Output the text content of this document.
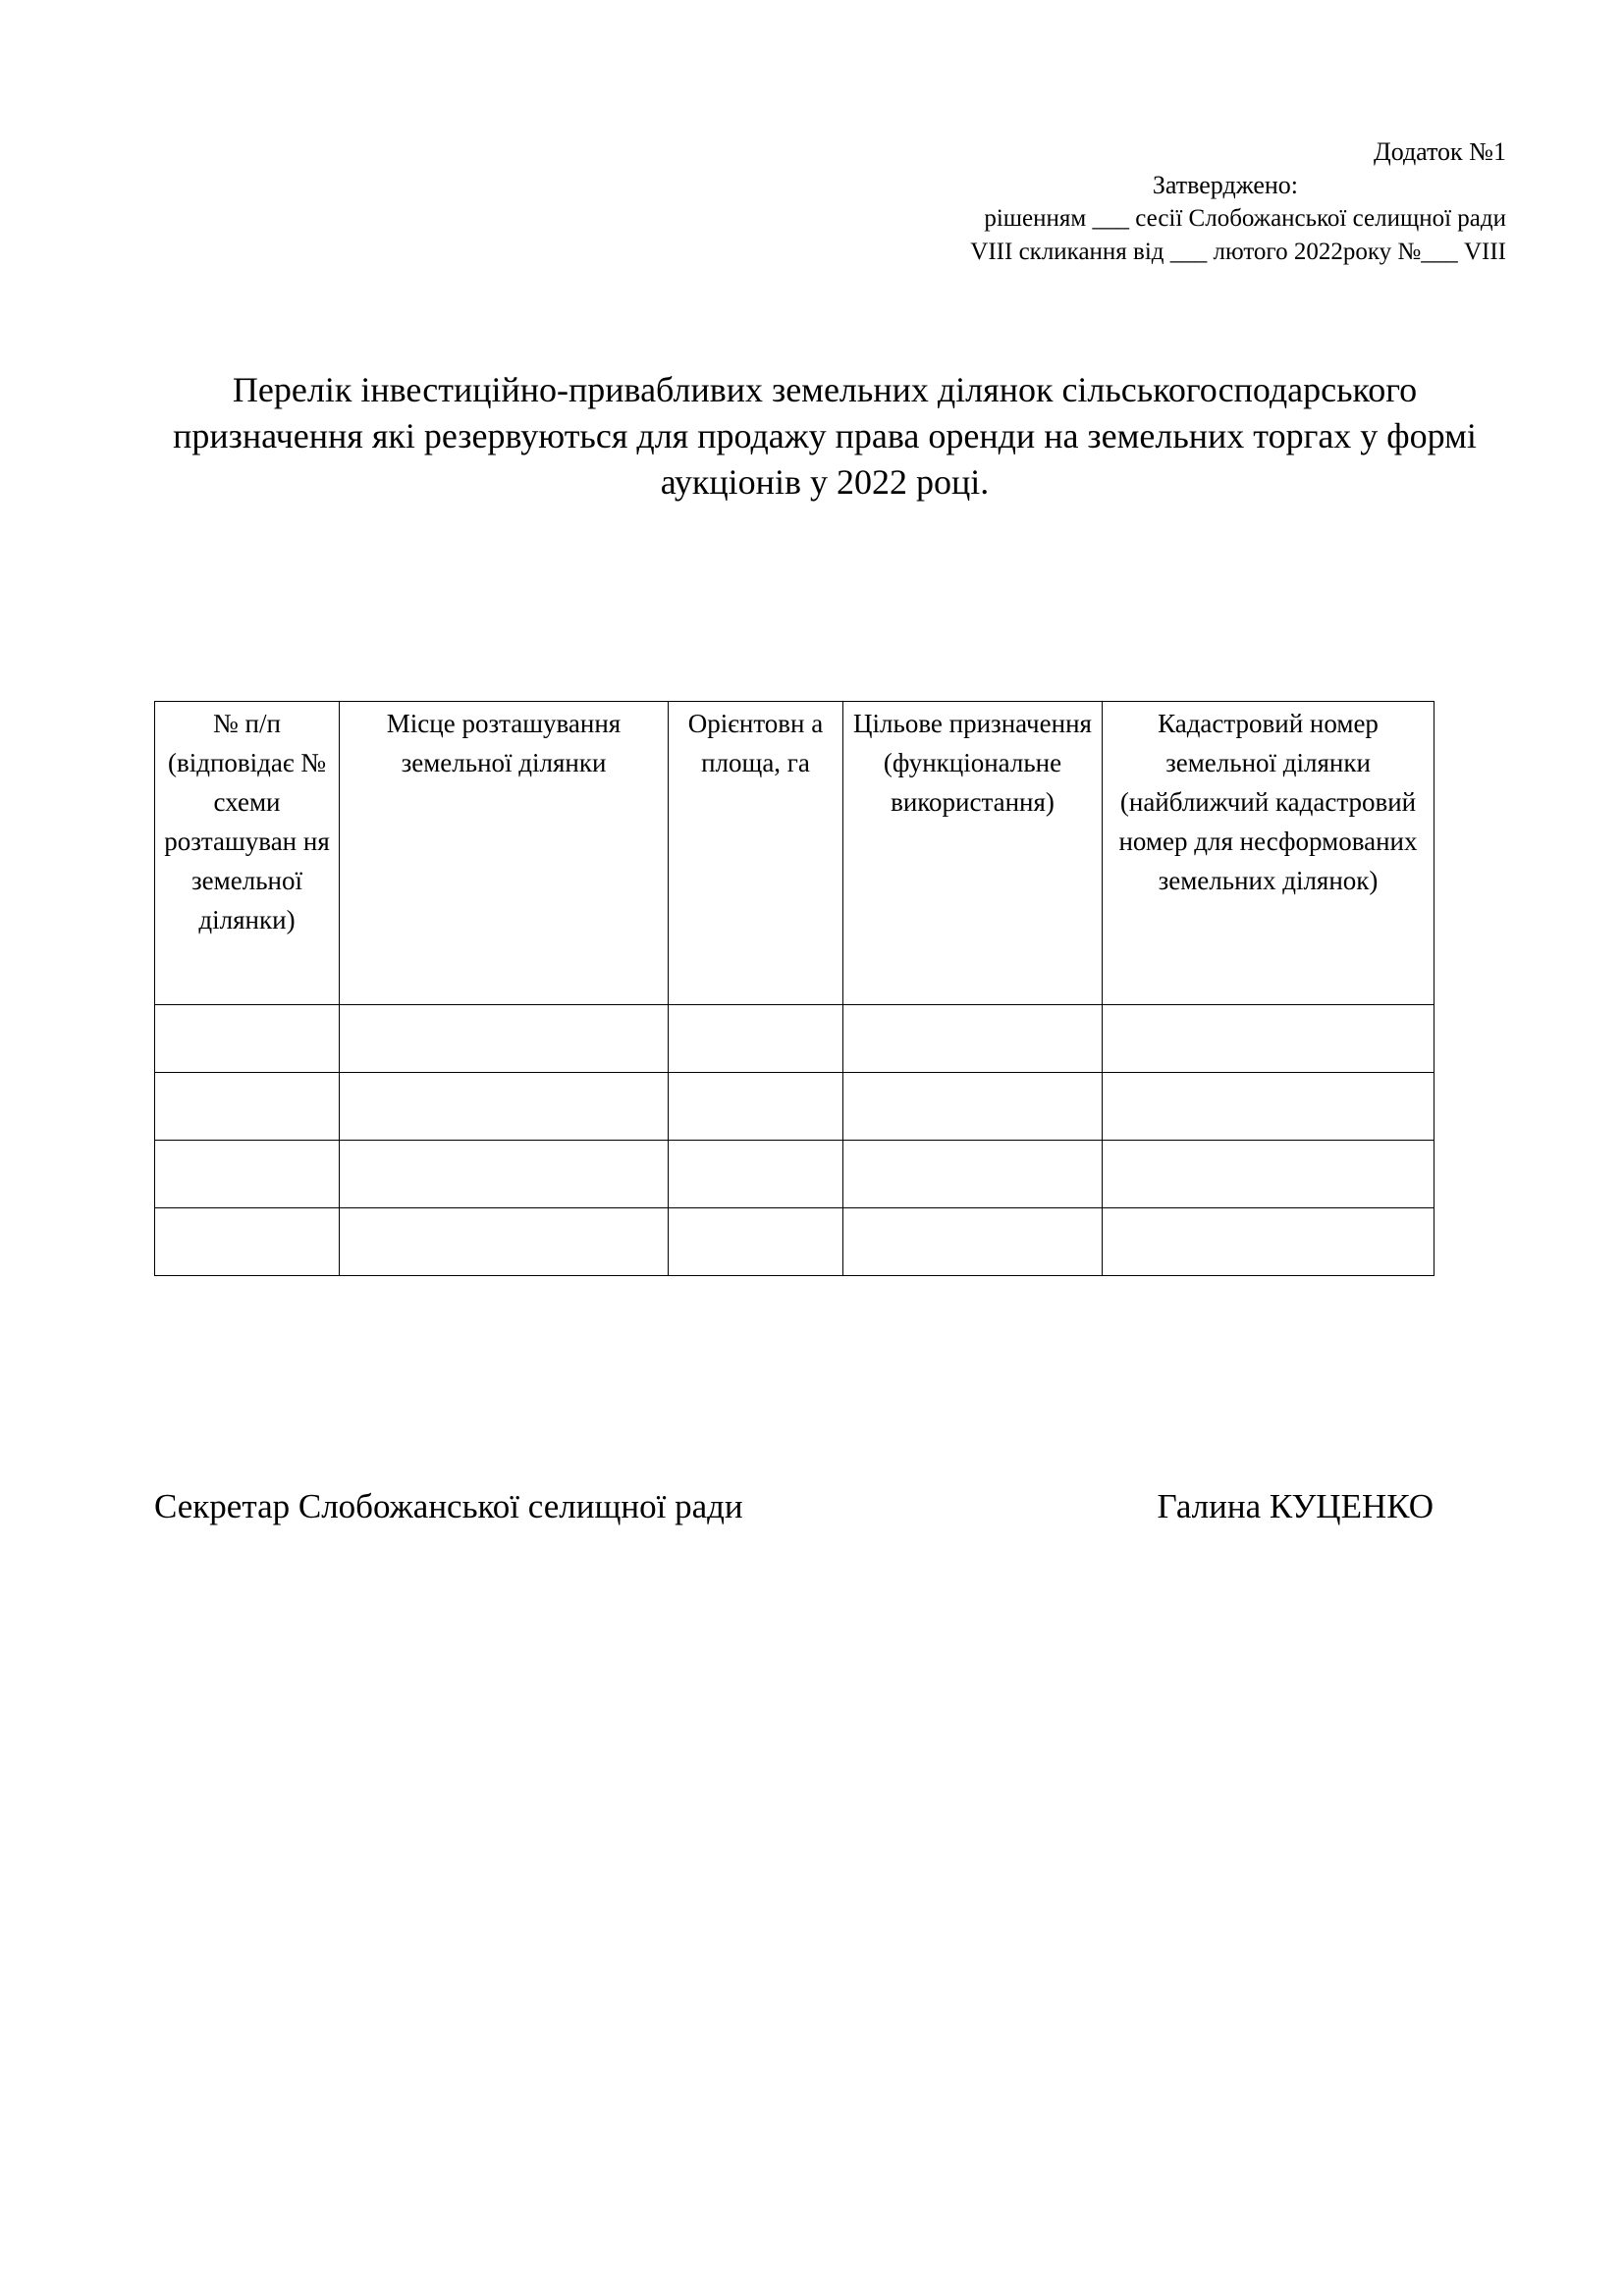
Додаток №1
Затверджено:
рішенням ___ сесії Слобожанської селищної ради
VIII скликання від ___ лютого 2022року №___ VIII
Перелік інвестиційно-привабливих земельних ділянок сільськогосподарського призначення які резервуються для продажу права оренди на земельних торгах у формі аукціонів у 2022 році.
№ п/п (відповідає № схеми розташуван ня земельної ділянки)	Місце розташування земельної ділянки	Орієнтовн а площа, га	Цільове призначення (функціональне використання)	Кадастровий номер земельної ділянки (найближчий кадастровий номер для несформованих земельних ділянок)

Секретар Слобожанської селищної ради	Галина КУЦЕНКО
